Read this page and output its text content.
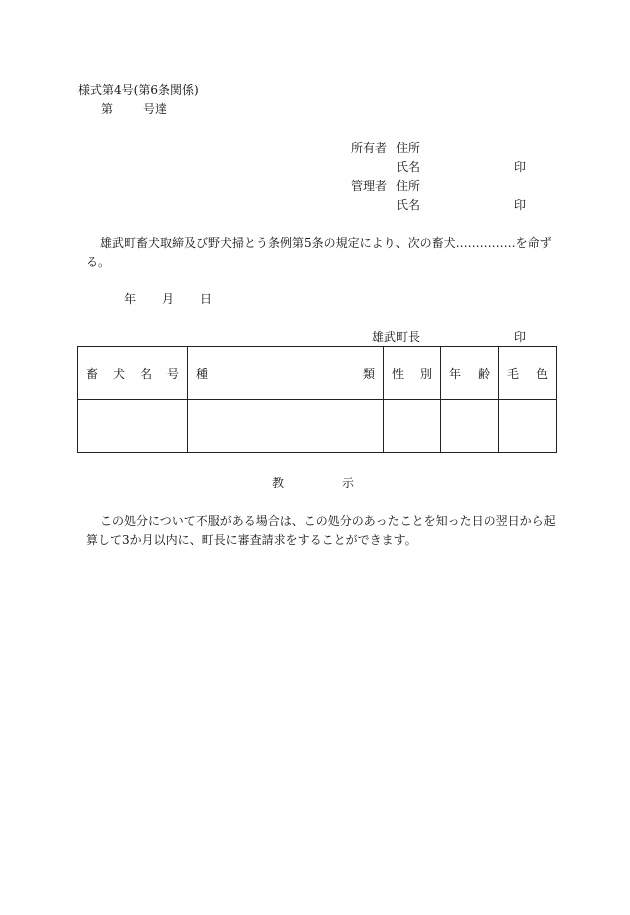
様式第4号(第6条関係)
第	号達
所有者 住所
氏名	印
管理者 住所
氏名	印
雄武町畜犬取締及び野犬掃とう条例第5条の規定により、次の畜犬……………を命ずる。
年 月 日
雄武町長	印
畜 犬 名 号	種 類	性 別	年 齢	毛 色

教	示
この処分について不服がある場合は、この処分のあったことを知った日の翌日から起算して3か月以内に、町長に審査請求をすることができます。
